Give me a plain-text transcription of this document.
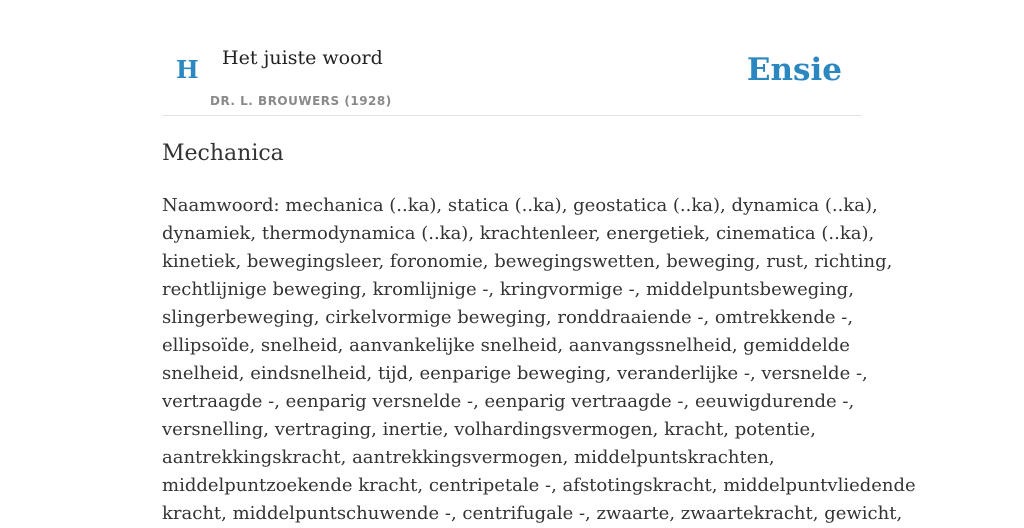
H Het juiste woord
DR. L. BROUWERS (1928)
Ensie
Mechanica

Naamwoord: mechanica (..ka), statica (..ka), geostatica (..ka), dynamica (..ka),
dynamiek, thermodynamica (..ka), krachtenleer, energetiek, cinematica (..ka),
kinetiek, bewegingsleer, foronomie, bewegingswetten, beweging, rust, richting,
rechtlijnige beweging, kromlijnige -, kringvormige -, middelpuntsbeweging,
slingerbeweging, cirkelvormige beweging, ronddraaiende -, omtrekkende -,
ellipsoïde, snelheid, aanvankelijke snelheid, aanvangssnelheid, gemiddelde
snelheid, eindsnelheid, tijd, eenparige beweging, veranderlijke -, versnelde -,
vertraagde -, eenparig versnelde -, eenparig vertraagde -, eeuwigdurende -,
versnelling, vertraging, inertie, volhardingsvermogen, kracht, potentie,
aantrekkingskracht, aantrekkingsvermogen, middelpuntskrachten,
middelpuntzoekende kracht, centripetale -, afstotingskracht, middelpuntvliedende
kracht, middelpuntschuwende -, centrifugale -, zwaarte, zwaartekracht, gewicht,
